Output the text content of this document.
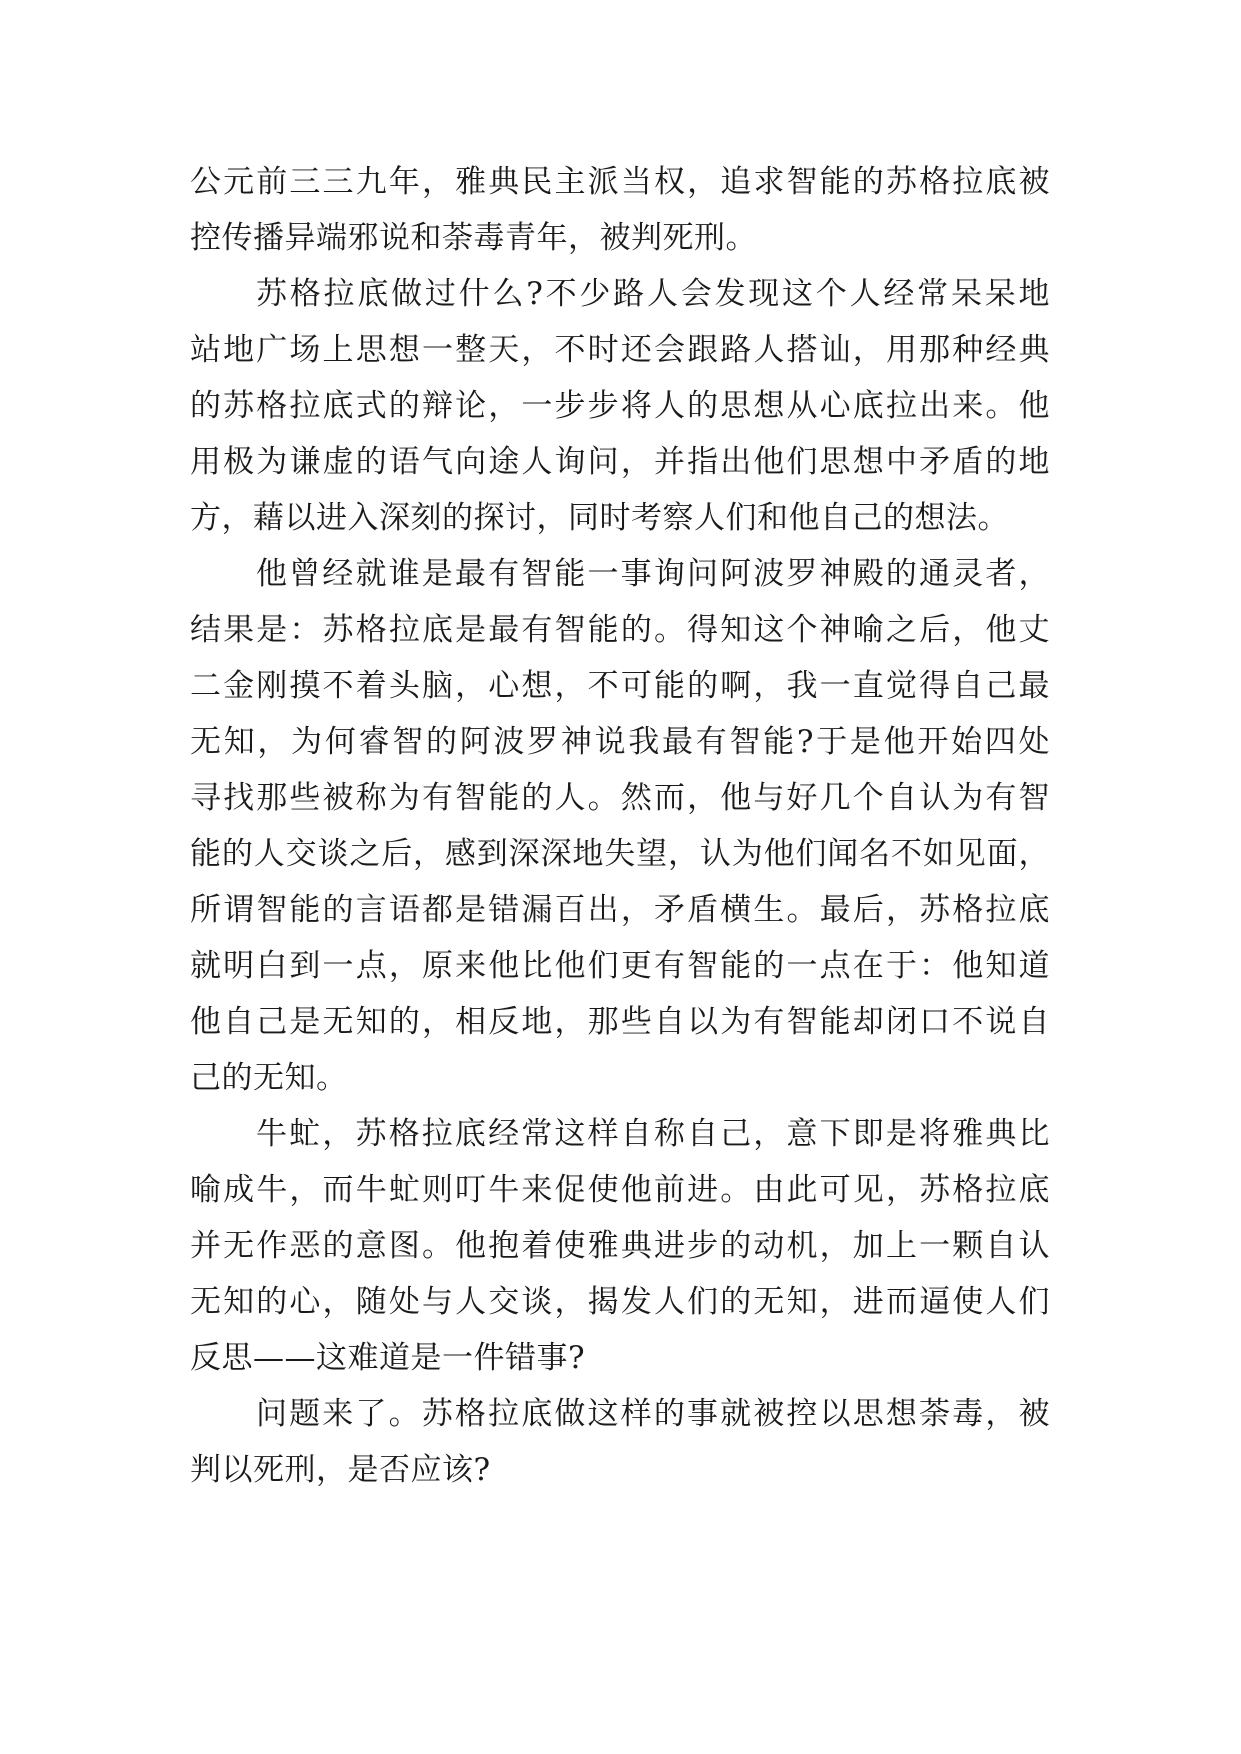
公元前三三九年，雅典民主派当权，追求智能的苏格拉底被
控传播异端邪说和荼毒青年，被判死刑。
苏格拉底做过什么?不少路人会发现这个人经常呆呆地
站地广场上思想一整天，不时还会跟路人搭讪，用那种经典
的苏格拉底式的辩论，一步步将人的思想从心底拉出来。他
用极为谦虚的语气向途人询问，并指出他们思想中矛盾的地
方，藉以进入深刻的探讨，同时考察人们和他自己的想法。
他曾经就谁是最有智能一事询问阿波罗神殿的通灵者，
结果是：苏格拉底是最有智能的。得知这个神喻之后，他丈
二金刚摸不着头脑，心想，不可能的啊，我一直觉得自己最
无知，为何睿智的阿波罗神说我最有智能?于是他开始四处
寻找那些被称为有智能的人。然而，他与好几个自认为有智
能的人交谈之后，感到深深地失望，认为他们闻名不如见面，
所谓智能的言语都是错漏百出，矛盾横生。最后，苏格拉底
就明白到一点，原来他比他们更有智能的一点在于：他知道
他自己是无知的，相反地，那些自以为有智能却闭口不说自
己的无知。
牛虻，苏格拉底经常这样自称自己，意下即是将雅典比
喻成牛，而牛虻则叮牛来促使他前进。由此可见，苏格拉底
并无作恶的意图。他抱着使雅典进步的动机，加上一颗自认
无知的心，随处与人交谈，揭发人们的无知，进而逼使人们
反思——这难道是一件错事?
问题来了。苏格拉底做这样的事就被控以思想荼毒，被
判以死刑，是否应该?
